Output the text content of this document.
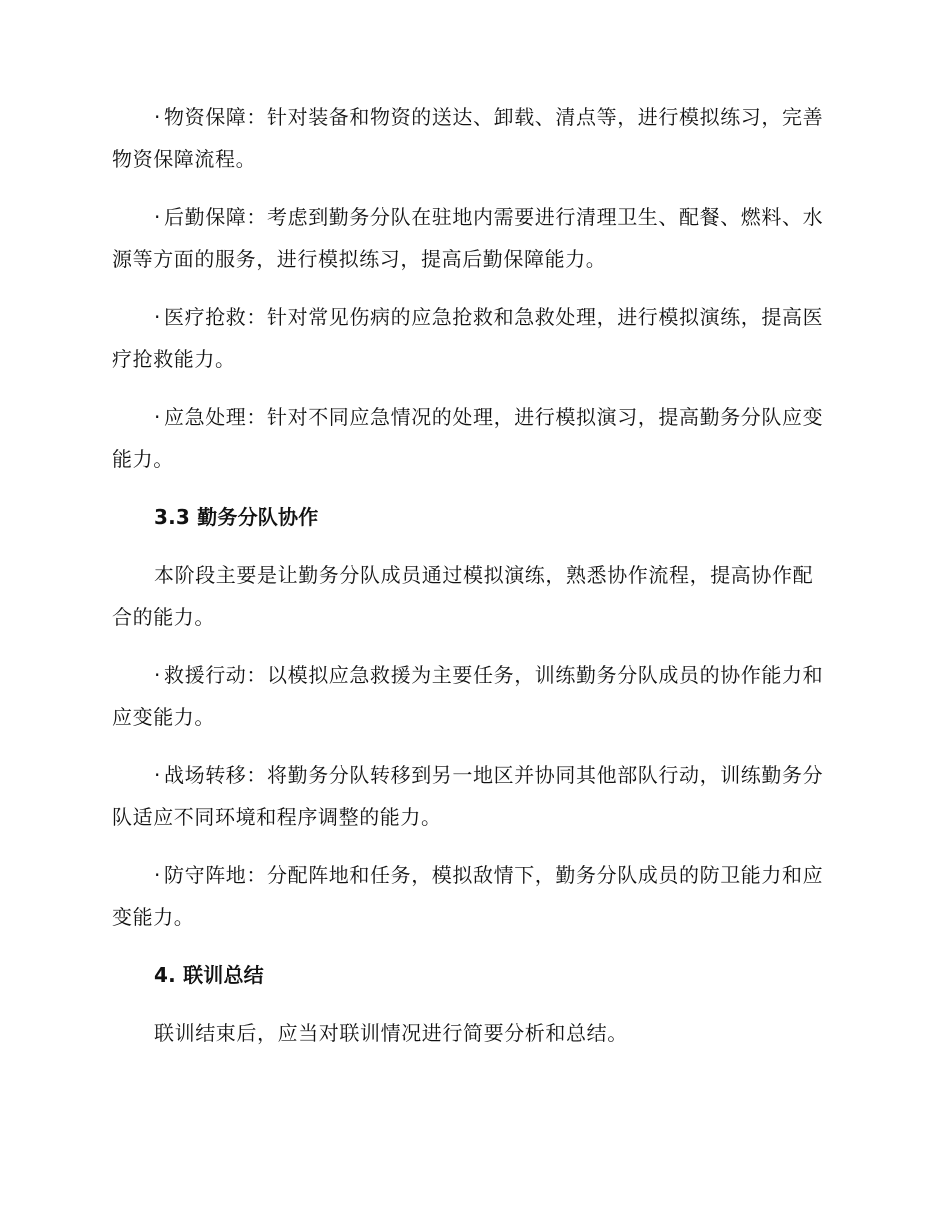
· 物资保障：针对装备和物资的送达、卸载、清点等，进行模拟练习，完善物资保障流程。

· 后勤保障：考虑到勤务分队在驻地内需要进行清理卫生、配餐、燃料、水源等方面的服务，进行模拟练习，提高后勤保障能力。

· 医疗抢救：针对常见伤病的应急抢救和急救处理，进行模拟演练，提高医疗抢救能力。

· 应急处理：针对不同应急情况的处理，进行模拟演习，提高勤务分队应变能力。

3.3 勤务分队协作

本阶段主要是让勤务分队成员通过模拟演练，熟悉协作流程，提高协作配合的能力。

· 救援行动：以模拟应急救援为主要任务，训练勤务分队成员的协作能力和应变能力。

· 战场转移：将勤务分队转移到另一地区并协同其他部队行动，训练勤务分队适应不同环境和程序调整的能力。

· 防守阵地：分配阵地和任务，模拟敌情下，勤务分队成员的防卫能力和应变能力。

4. 联训总结

联训结束后，应当对联训情况进行简要分析和总结。
